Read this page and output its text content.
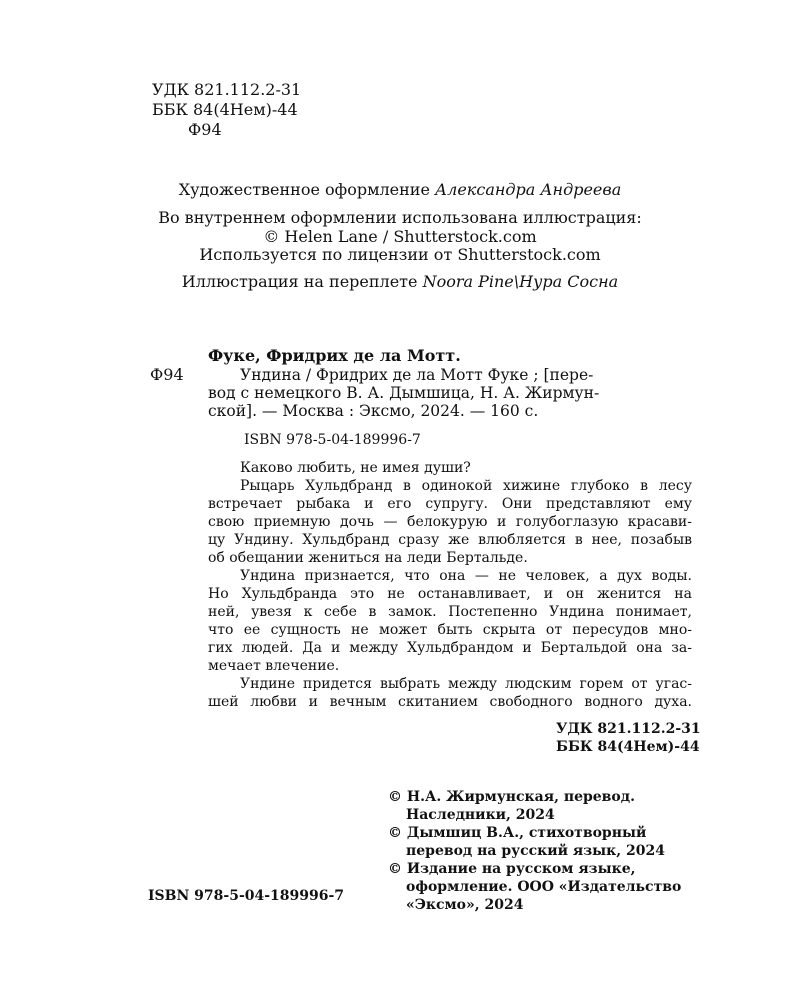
УДК 821.112.2-31
ББК 84(4Нем)-44
Ф94
Художественное оформление Александра Андреева
Во внутреннем оформлении использована иллюстрация:
© Helen Lane / Shutterstock.com
Используется по лицензии от Shutterstock.com
Иллюстрация на переплете Noora Pine\Нура Сосна
Фуке, Фридрих де ла Мотт.
Ф94	Ундина / Фридрих де ла Мотт Фуке ; [пере-
вод с немецкого В. А. Дымшица, Н. А. Жирмун-
ской]. — Москва : Эксмо, 2024. — 160 с.
ISBN 978-5-04-189996-7
Каково любить, не имея души?
Рыцарь Хульдбранд в одинокой хижине глубоко в лесу
встречает рыбака и его супругу. Они представляют ему
свою приемную дочь — белокурую и голубоглазую красави-
цу Ундину. Хульдбранд сразу же влюбляется в нее, позабыв
об обещании жениться на леди Бертальде.
Ундина признается, что она — не человек, а дух воды.
Но Хульдбранда это не останавливает, и он женится на
ней, увезя к себе в замок. Постепенно Ундина понимает,
что ее сущность не может быть скрыта от пересудов мно-
гих людей. Да и между Хульдбрандом и Бертальдой она за-
мечает влечение.
Ундине придется выбрать между людским горем от угас-
шей любви и вечным скитанием свободного водного духа.
УДК 821.112.2-31
ББК 84(4Нем)-44
© Н.А. Жирмунская, перевод.
Наследники, 2024
© Дымшиц В.А., стихотворный
перевод на русский язык, 2024
© Издание на русском языке,
оформление. ООО «Издательство
«Эксмо», 2024
ISBN 978-5-04-189996-7
